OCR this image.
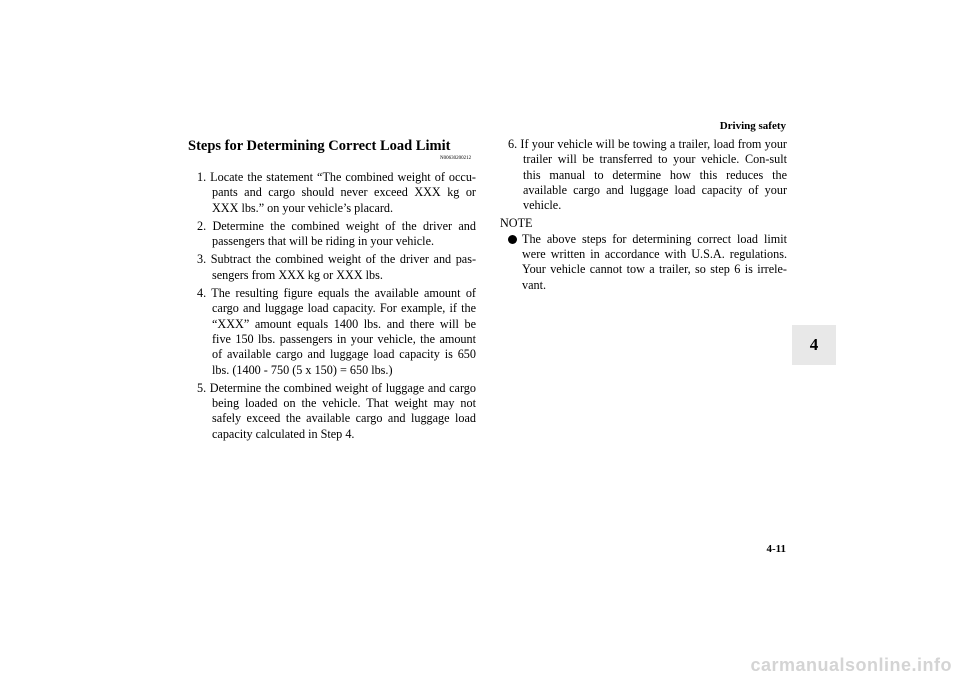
Driving safety
4
Steps for Determining Correct Load Limit
N00630200212

1. Locate the statement “The combined weight of occu-pants and cargo should never exceed XXX kg or XXX lbs.” on your vehicle’s placard.

2. Determine the combined weight of the driver and passengers that will be riding in your vehicle.

3. Subtract the combined weight of the driver and pas-sengers from XXX kg or XXX lbs.

4. The resulting figure equals the available amount of cargo and luggage load capacity. For example, if the “XXX” amount equals 1400 lbs. and there will be five 150 lbs. passengers in your vehicle, the amount of available cargo and luggage load capacity is 650 lbs. (1400 - 750 (5 x 150) = 650 lbs.)

5. Determine the combined weight of luggage and cargo being loaded on the vehicle. That weight may not safely exceed the available cargo and luggage load capacity calculated in Step 4.

6. If your vehicle will be towing a trailer, load from your trailer will be transferred to your vehicle. Con-sult this manual to determine how this reduces the available cargo and luggage load capacity of your vehicle.

NOTE
The above steps for determining correct load limit were written in accordance with U.S.A. regulations. Your vehicle cannot tow a trailer, so step 6 is irrele-vant.
4-11
carmanualsonline.info
